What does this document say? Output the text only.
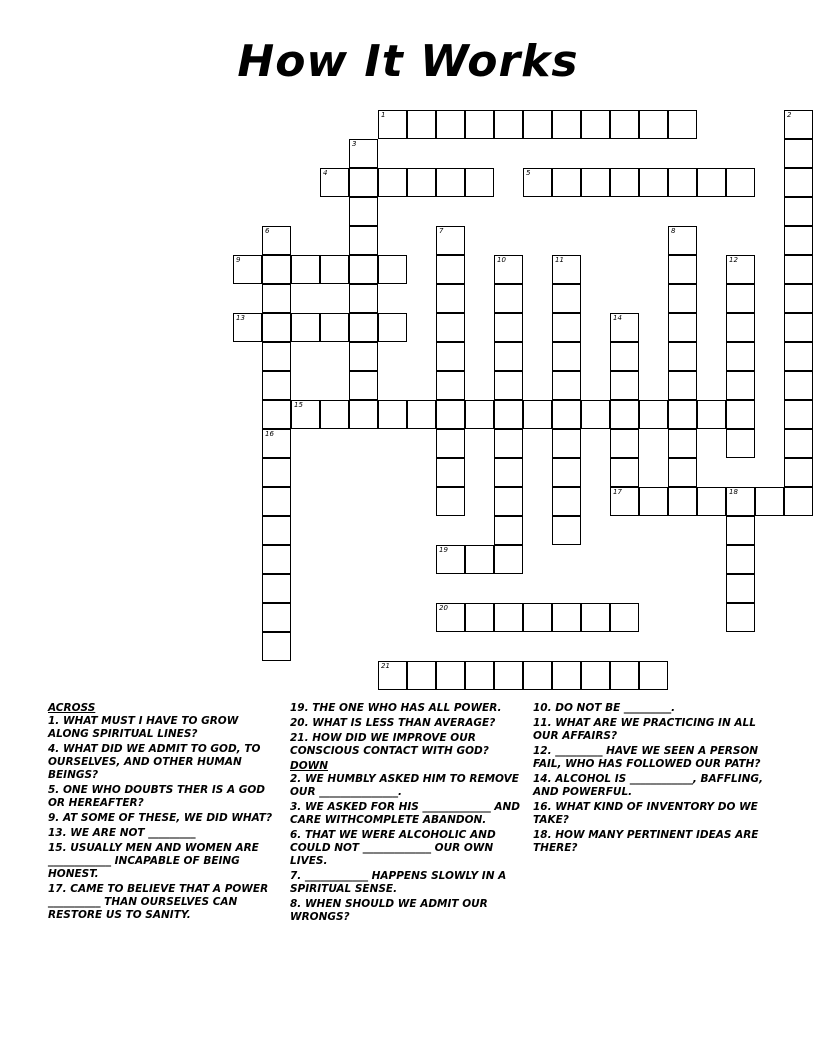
How It Works
1	2
3
4	5
6	7	8
9	10	11	12
13	14
17
15
16
18
19
20
21

ACROSS

1. WHAT MUST I HAVE TO GROW ALONG SPIRITUAL LINES?

4. WHAT DID WE ADMIT TO GOD, TO OURSELVES, AND OTHER HUMAN BEINGS?

5. ONE WHO DOUBTS THER IS A GOD OR HEREAFTER?

9. AT SOME OF THESE, WE DID WHAT?

13. WE ARE NOT _________

15. USUALLY MEN AND WOMEN ARE ____________ INCAPABLE OF BEING HONEST.

17. CAME TO BELIEVE THAT A POWER __________ THAN OURSELVES CAN RESTORE US TO SANITY.

19. THE ONE WHO HAS ALL POWER.

20. WHAT IS LESS THAN AVERAGE?

21. HOW DID WE IMPROVE OUR CONSCIOUS CONTACT WITH GOD?

DOWN

2. WE HUMBLY ASKED HIM TO REMOVE OUR _______________.

3. WE ASKED FOR HIS _____________ AND CARE WITHCOMPLETE ABANDON.

6. THAT WE WERE ALCOHOLIC AND COULD NOT _____________ OUR OWN LIVES.

7. ____________ HAPPENS SLOWLY IN A SPIRITUAL SENSE.

8. WHEN SHOULD WE ADMIT OUR WRONGS?

10. DO NOT BE _________.

11. WHAT ARE WE PRACTICING IN ALL OUR AFFAIRS?

12. _________ HAVE WE SEEN A PERSON FAIL, WHO HAS FOLLOWED OUR PATH?

14. ALCOHOL IS ____________, BAFFLING, AND POWERFUL.

16. WHAT KIND OF INVENTORY DO WE TAKE?

18. HOW MANY PERTINENT IDEAS ARE THERE?
